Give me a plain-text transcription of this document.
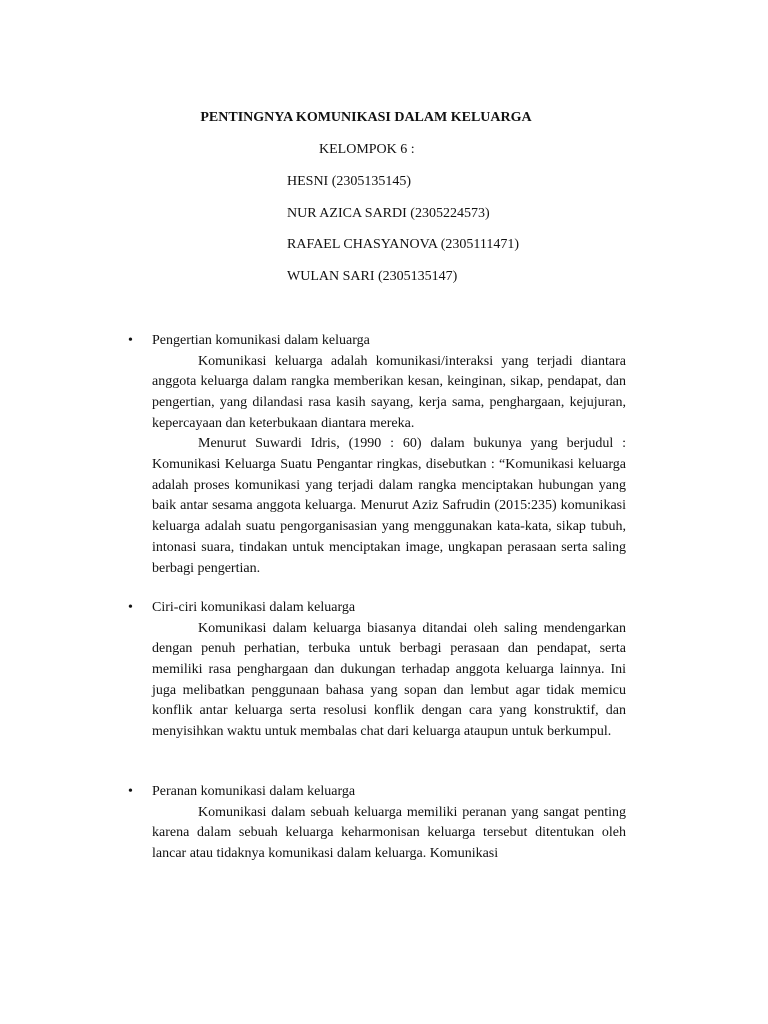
PENTINGNYA KOMUNIKASI DALAM KELUARGA
KELOMPOK 6 :
HESNI (2305135145)
NUR AZICA SARDI (2305224573)
RAFAEL CHASYANOVA (2305111471)
WULAN SARI (2305135147)
• Pengertian komunikasi dalam keluarga

Komunikasi keluarga adalah komunikasi/interaksi yang terjadi diantara anggota keluarga dalam rangka memberikan kesan, keinginan, sikap, pendapat, dan pengertian, yang dilandasi rasa kasih sayang, kerja sama, penghargaan, kejujuran, kepercayaan dan keterbukaan diantara mereka.

Menurut Suwardi Idris, (1990 : 60) dalam bukunya yang berjudul : Komunikasi Keluarga Suatu Pengantar ringkas, disebutkan : “Komunikasi keluarga adalah proses komunikasi yang terjadi dalam rangka menciptakan hubungan yang baik antar sesama anggota keluarga. Menurut Aziz Safrudin (2015:235) komunikasi keluarga adalah suatu pengorganisasian yang menggunakan kata-kata, sikap tubuh, intonasi suara, tindakan untuk menciptakan image, ungkapan perasaan serta saling berbagi pengertian.

• Ciri-ciri komunikasi dalam keluarga

Komunikasi dalam keluarga biasanya ditandai oleh saling mendengarkan dengan penuh perhatian, terbuka untuk berbagi perasaan dan pendapat, serta memiliki rasa penghargaan dan dukungan terhadap anggota keluarga lainnya. Ini juga melibatkan penggunaan bahasa yang sopan dan lembut agar tidak memicu konflik antar keluarga serta resolusi konflik dengan cara yang konstruktif, dan menyisihkan waktu untuk membalas chat dari keluarga ataupun untuk berkumpul.

• Peranan komunikasi dalam keluarga

Komunikasi dalam sebuah keluarga memiliki peranan yang sangat penting karena dalam sebuah keluarga keharmonisan keluarga tersebut ditentukan oleh lancar atau tidaknya komunikasi dalam keluarga. Komunikasi
